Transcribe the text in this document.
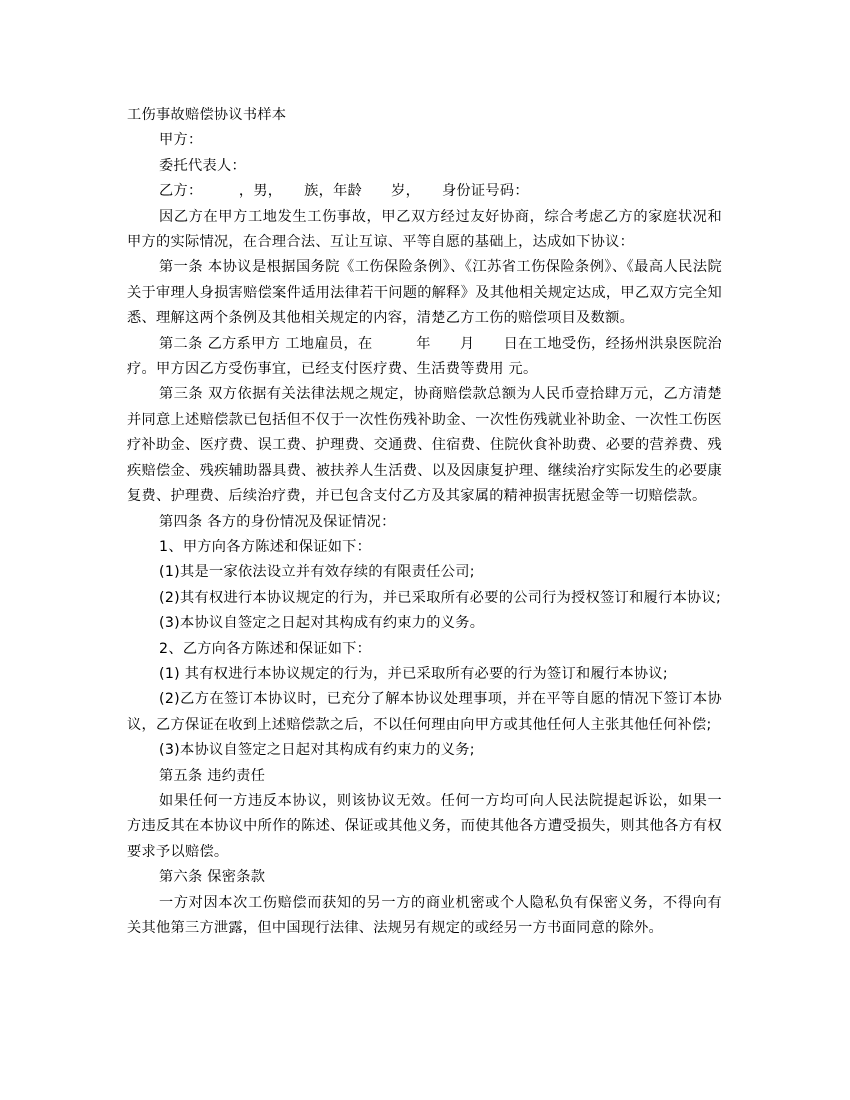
工伤事故赔偿协议书样本

甲方：

委托代表人：

乙方：　　　，男，　　族，年龄　　岁，　　身份证号码：

因乙方在甲方工地发生工伤事故，甲乙双方经过友好协商，综合考虑乙方的家庭状况和甲方的实际情况，在合理合法、互让互谅、平等自愿的基础上，达成如下协议：

第一条 本协议是根据国务院《工伤保险条例》、《江苏省工伤保险条例》、《最高人民法院关于审理人身损害赔偿案件适用法律若干问题的解释》及其他相关规定达成，甲乙双方完全知悉、理解这两个条例及其他相关规定的内容，清楚乙方工伤的赔偿项目及数额。

第二条 乙方系甲方 工地雇员，在　　　年　　月　　日在工地受伤，经扬州洪泉医院治疗。甲方因乙方受伤事宜，已经支付医疗费、生活费等费用 元。

第三条 双方依据有关法律法规之规定，协商赔偿款总额为人民币壹拾肆万元，乙方清楚并同意上述赔偿款已包括但不仅于一次性伤残补助金、一次性伤残就业补助金、一次性工伤医疗补助金、医疗费、误工费、护理费、交通费、住宿费、住院伙食补助费、必要的营养费、残疾赔偿金、残疾辅助器具费、被扶养人生活费、以及因康复护理、继续治疗实际发生的必要康复费、护理费、后续治疗费，并已包含支付乙方及其家属的精神损害抚慰金等一切赔偿款。

第四条 各方的身份情况及保证情况：

1、甲方向各方陈述和保证如下：

(1)其是一家依法设立并有效存续的有限责任公司;

(2)其有权进行本协议规定的行为，并已采取所有必要的公司行为授权签订和履行本协议;

(3)本协议自签定之日起对其构成有约束力的义务。

2、乙方向各方陈述和保证如下：

(1) 其有权进行本协议规定的行为，并已采取所有必要的行为签订和履行本协议;

(2)乙方在签订本协议时，已充分了解本协议处理事项，并在平等自愿的情况下签订本协议，乙方保证在收到上述赔偿款之后，不以任何理由向甲方或其他任何人主张其他任何补偿;

(3)本协议自签定之日起对其构成有约束力的义务;

第五条 违约责任

如果任何一方违反本协议，则该协议无效。任何一方均可向人民法院提起诉讼，如果一方违反其在本协议中所作的陈述、保证或其他义务，而使其他各方遭受损失，则其他各方有权要求予以赔偿。

第六条 保密条款

一方对因本次工伤赔偿而获知的另一方的商业机密或个人隐私负有保密义务，不得向有关其他第三方泄露，但中国现行法律、法规另有规定的或经另一方书面同意的除外。
